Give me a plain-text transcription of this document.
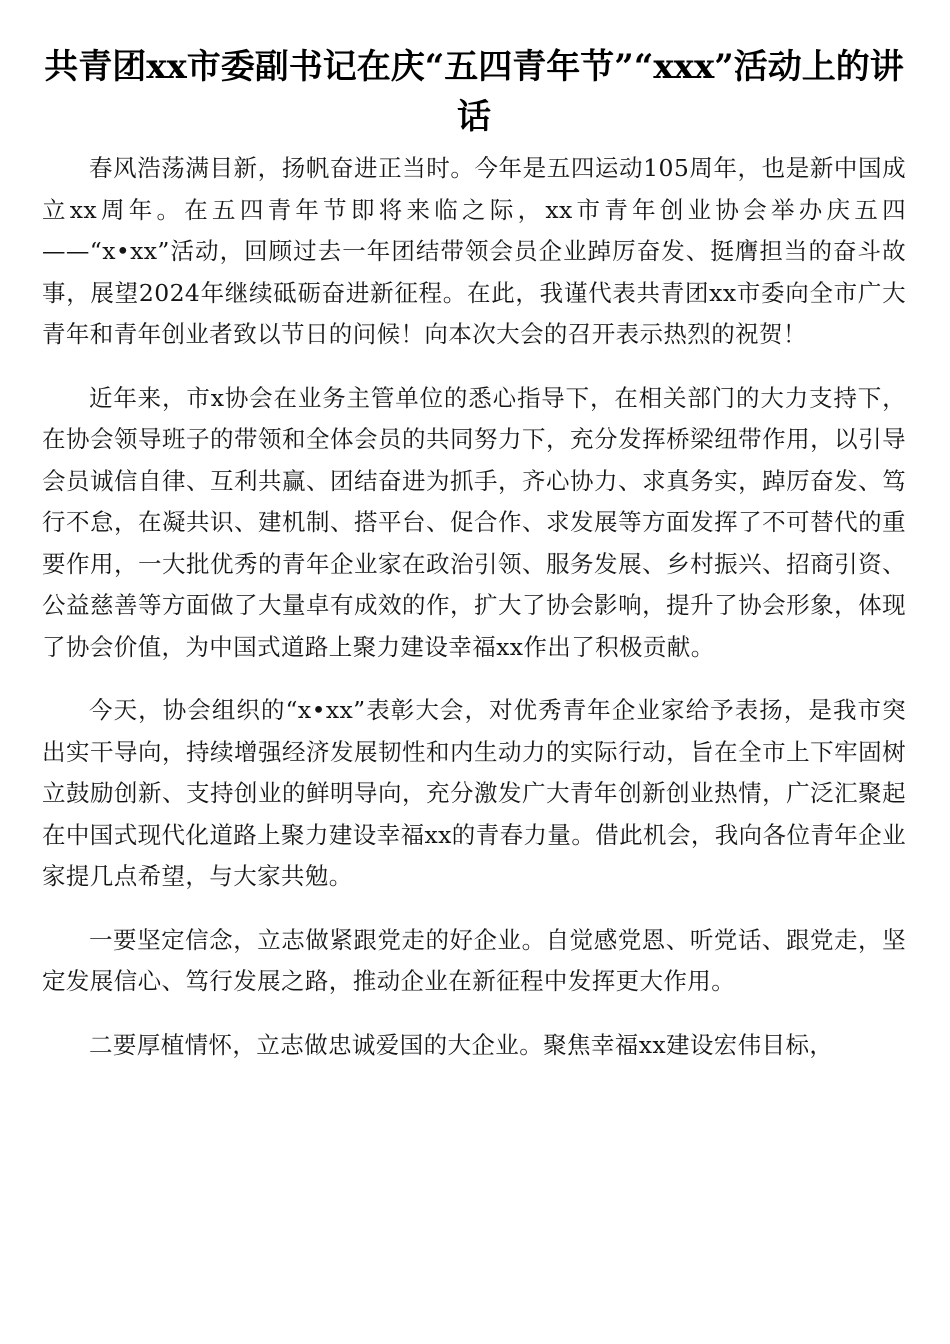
共青团xx市委副书记在庆“五四青年节”“xxx”活动上的讲话

春风浩荡满目新，扬帆奋进正当时。今年是五四运动105周年，也是新中国成立xx周年。在五四青年节即将来临之际，xx市青年创业协会举办庆五四——“x•xx”活动，回顾过去一年团结带领会员企业踔厉奋发、挺膺担当的奋斗故事，展望2024年继续砥砺奋进新征程。在此，我谨代表共青团xx市委向全市广大青年和青年创业者致以节日的问候！向本次大会的召开表示热烈的祝贺！

近年来，市x协会在业务主管单位的悉心指导下，在相关部门的大力支持下，在协会领导班子的带领和全体会员的共同努力下，充分发挥桥梁纽带作用，以引导会员诚信自律、互利共赢、团结奋进为抓手，齐心协力、求真务实，踔厉奋发、笃行不怠，在凝共识、建机制、搭平台、促合作、求发展等方面发挥了不可替代的重要作用，一大批优秀的青年企业家在政治引领、服务发展、乡村振兴、招商引资、公益慈善等方面做了大量卓有成效的作，扩大了协会影响，提升了协会形象，体现了协会价值，为中国式道路上聚力建设幸福xx作出了积极贡献。

今天，协会组织的“x•xx”表彰大会，对优秀青年企业家给予表扬，是我市突出实干导向，持续增强经济发展韧性和内生动力的实际行动，旨在全市上下牢固树立鼓励创新、支持创业的鲜明导向，充分激发广大青年创新创业热情，广泛汇聚起在中国式现代化道路上聚力建设幸福xx的青春力量。借此机会，我向各位青年企业家提几点希望，与大家共勉。

一要坚定信念，立志做紧跟党走的好企业。自觉感党恩、听党话、跟党走，坚定发展信心、笃行发展之路，推动企业在新征程中发挥更大作用。

二要厚植情怀，立志做忠诚爱国的大企业。聚焦幸福xx建设宏伟目标，
